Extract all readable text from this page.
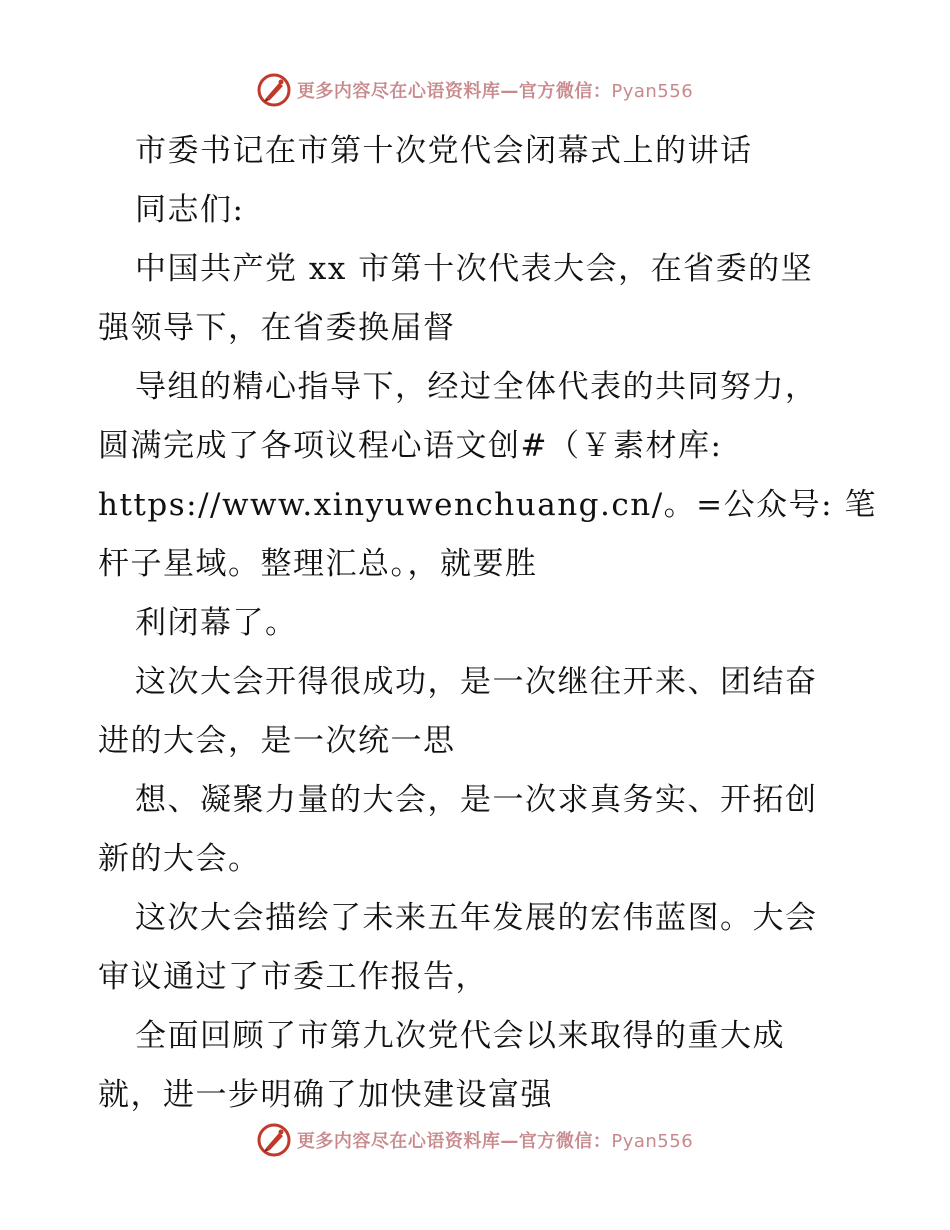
更多内容尽在心语资料库—官方微信：Pyan556
市委书记在市第十次党代会闭幕式上的讲话
同志们:
中国共产党 xx 市第十次代表大会，在省委的坚
强领导下，在省委换届督
导组的精心指导下，经过全体代表的共同努力，
圆满完成了各项议程心语文创#（￥素材库:
https://www.xinyuwenchuang.cn/。=公众号: 笔
杆子星域。整理汇总。，就要胜
利闭幕了。
这次大会开得很成功，是一次继往开来、团结奋
进的大会，是一次统一思
想、凝聚力量的大会，是一次求真务实、开拓创
新的大会。
这次大会描绘了未来五年发展的宏伟蓝图。大会
审议通过了市委工作报告，
全面回顾了市第九次党代会以来取得的重大成
就，进一步明确了加快建设富强
更多内容尽在心语资料库—官方微信：Pyan556
